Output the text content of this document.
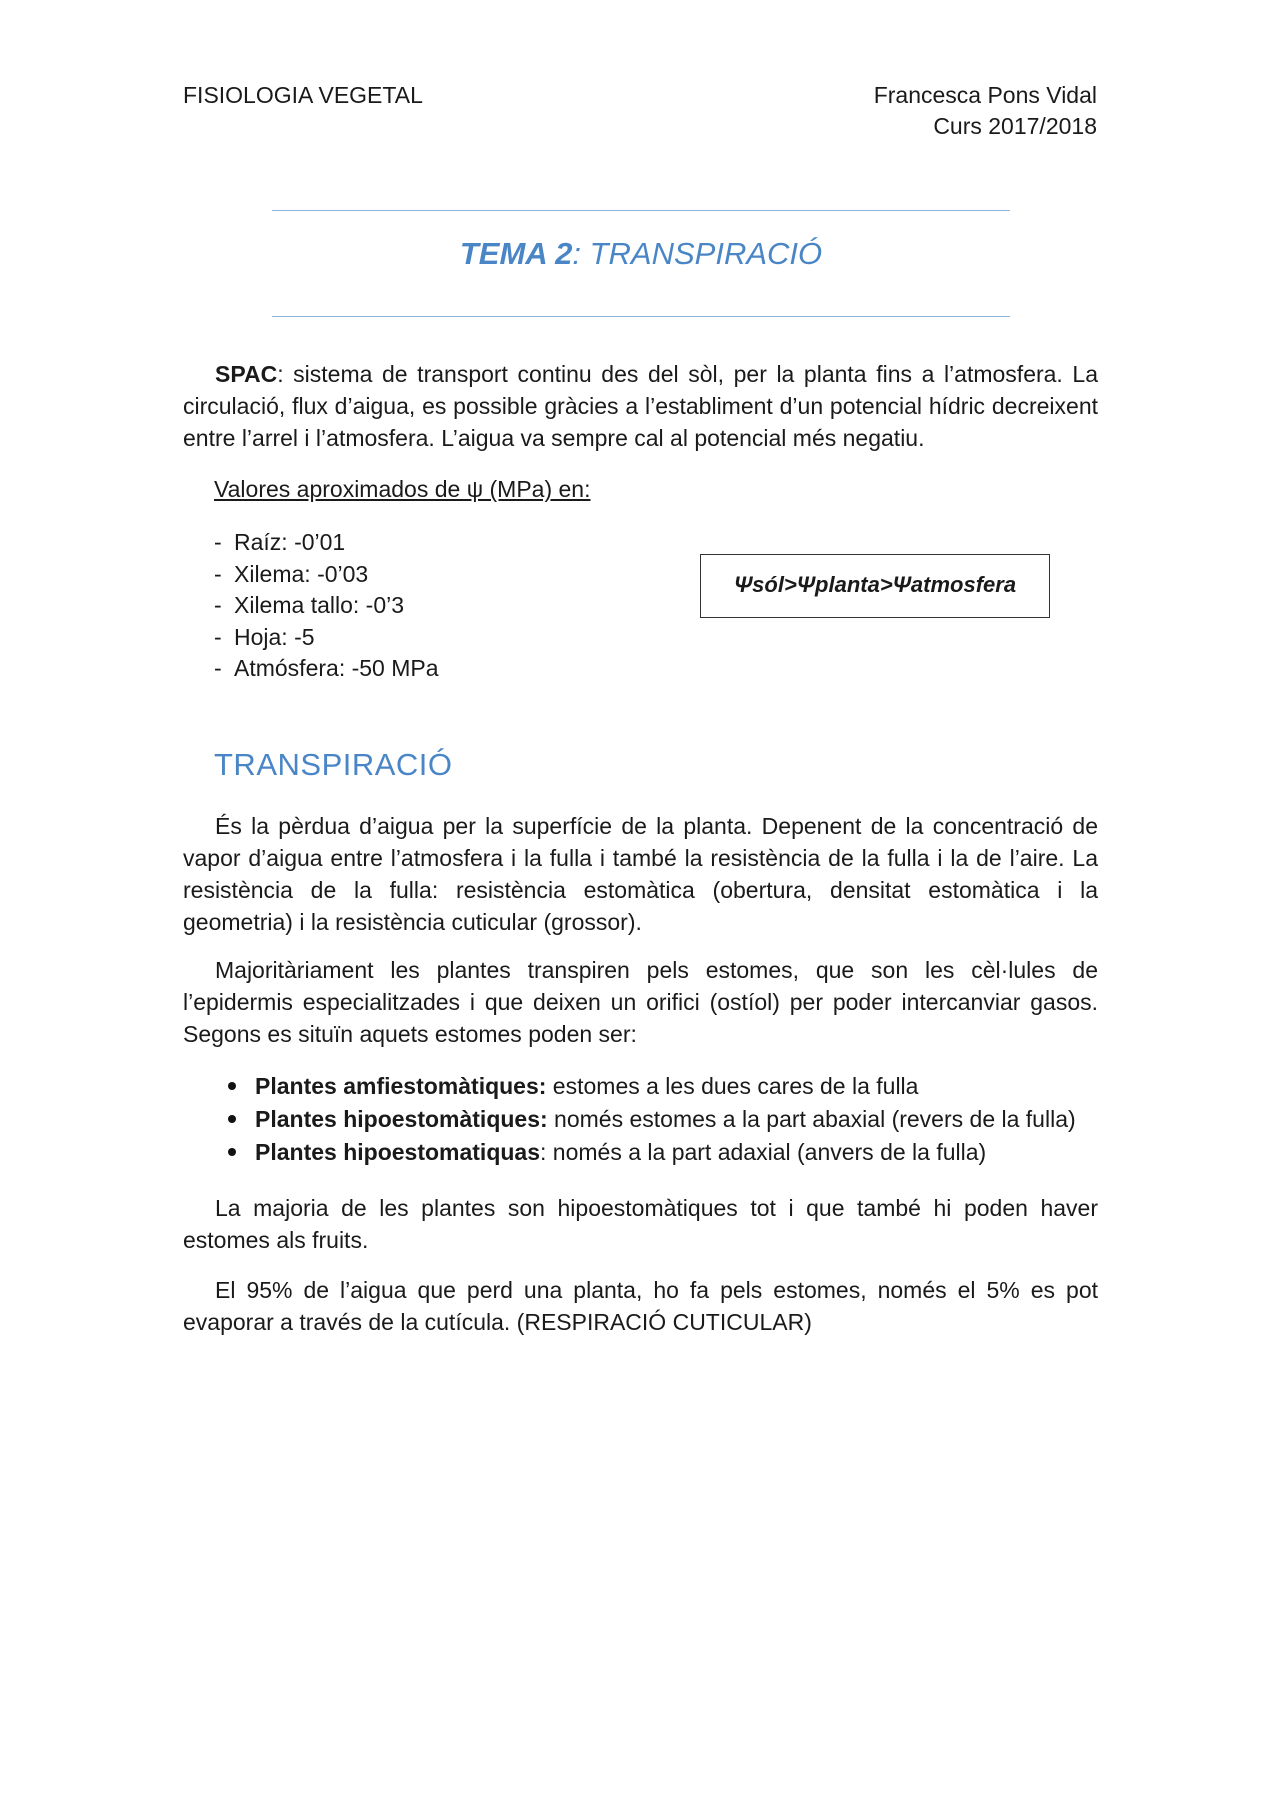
FISIOLOGIA VEGETAL	Francesca Pons Vidal
Curs 2017/2018
TEMA 2: TRANSPIRACIÓ
SPAC: sistema de transport continu des del sòl, per la planta fins a l’atmosfera. La circulació, flux d’aigua, es possible gràcies a l’establiment d’un potencial hídric decreixent entre l’arrel i l’atmosfera. L’aigua va sempre cal al potencial més negatiu.
Valores aproximados de ψ (MPa) en:
- Raíz: -0’01
- Xilema: -0’03
- Xilema tallo: -0’3
- Hoja: -5
- Atmósfera: -50 MPa
Ψsól>Ψplanta>Ψatmosfera
TRANSPIRACIÓ
És la pèrdua d’aigua per la superfície de la planta. Depenent de la concentració de vapor d’aigua entre l’atmosfera i la fulla i també la resistència de la fulla i la de l’aire. La resistència de la fulla: resistència estomàtica (obertura, densitat estomàtica i la geometria) i la resistència cuticular (grossor).
Majoritàriament les plantes transpiren pels estomes, que son les cèl·lules de l’epidermis especialitzades i que deixen un orifici (ostíol) per poder intercanviar gasos. Segons es situïn aquets estomes poden ser:
Plantes amfiestomàtiques: estomes a les dues cares de la fulla
Plantes hipoestomàtiques: només estomes a la part abaxial (revers de la fulla)
Plantes hipoestomatiquas: només a la part adaxial (anvers de la fulla)
La majoria de les plantes son hipoestomàtiques tot i que també hi poden haver estomes als fruits.
El 95% de l’aigua que perd una planta, ho fa pels estomes, només el 5% es pot evaporar a través de la cutícula. (RESPIRACIÓ CUTICULAR)
